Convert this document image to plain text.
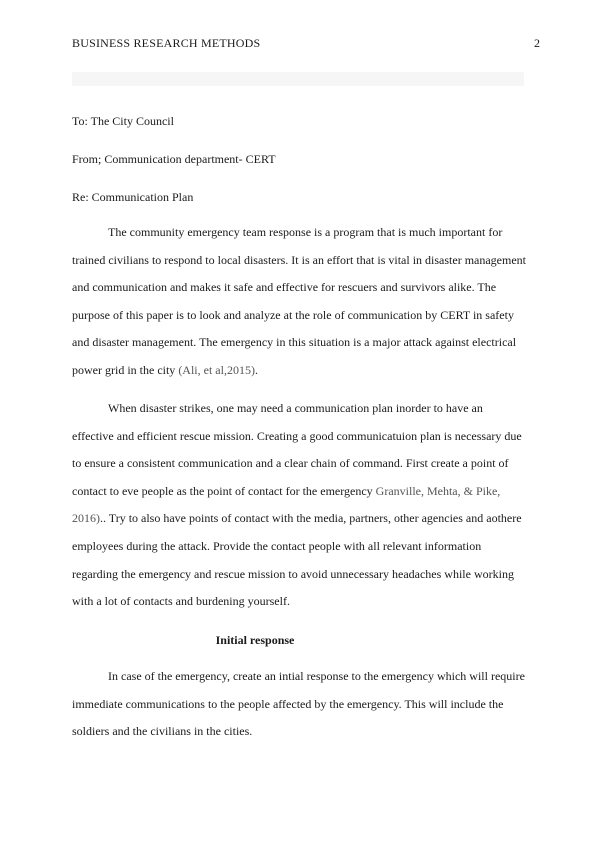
BUSINESS RESEARCH METHODS	2
To: The City Council
From; Communication department- CERT
Re: Communication Plan

The community emergency team response is a program that is much important for trained civilians to respond to local disasters. It is an effort that is vital in disaster management and communication and makes it safe and effective for rescuers and survivors alike. The purpose of this paper is to look and analyze at the role of communication by CERT in safety and disaster management. The emergency in this situation is a major attack against electrical power grid in the city (Ali, et al,2015).

When disaster strikes, one may need a communication plan inorder to have an effective and efficient rescue mission. Creating a good communicatuion plan is necessary due to ensure a consistent communication and a clear chain of command. First create a point of contact to eve people as the point of contact for the emergency Granville, Mehta, & Pike, 2016).. Try to also have points of contact with the media, partners, other agencies and aothere employees during the attack. Provide the contact people with all relevant information regarding the emergency and rescue mission to avoid unnecessary headaches while working with a lot of contacts and burdening yourself.

Initial response

In case of the emergency, create an intial response to the emergency which will require immediate communications to the people affected by the emergency. This will include the soldiers and the civilians in the cities.
